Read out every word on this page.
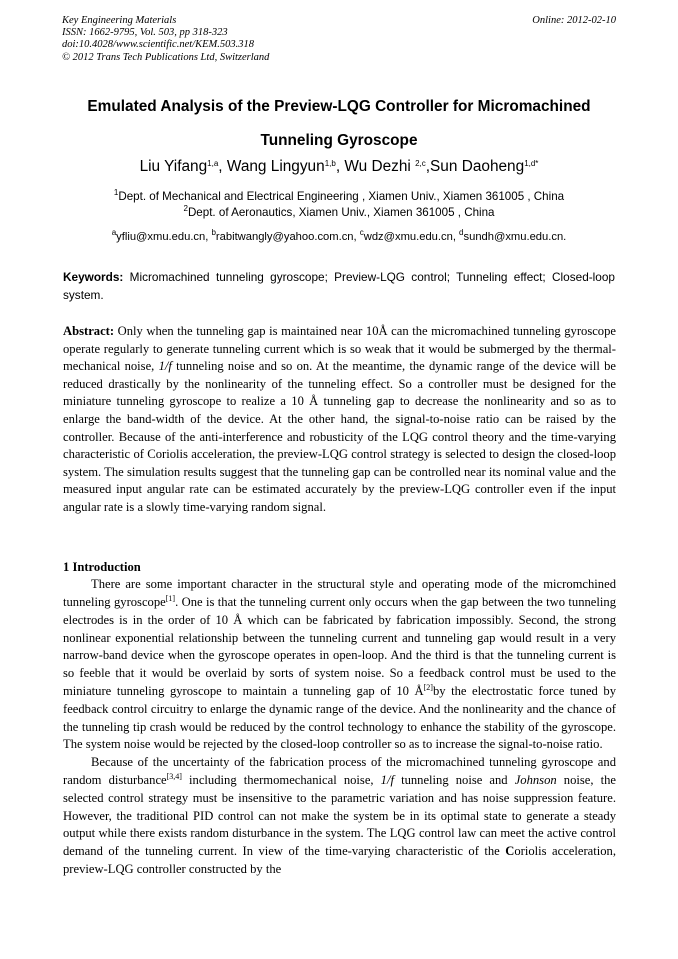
Key Engineering Materials
ISSN: 1662-9795, Vol. 503, pp 318-323
doi:10.4028/www.scientific.net/KEM.503.318
© 2012 Trans Tech Publications Ltd, Switzerland
Online: 2012-02-10
Emulated Analysis of the Preview-LQG Controller for Micromachined
Tunneling Gyroscope
Liu Yifang$^{1,a}$, Wang Lingyun$^{1,b}$, Wu Dezhi $^{2,c}$,Sun Daoheng$^{1,d*}$
$^1$Dept. of Mechanical and Electrical Engineering , Xiamen Univ., Xiamen 361005 , China
$^2$Dept. of Aeronautics, Xiamen Univ., Xiamen 361005 , China
$^a$yfliu@xmu.edu.cn, $^b$rabitwangly@yahoo.com.cn, $^c$wdz@xmu.edu.cn, $^d$sundh@xmu.edu.cn.
Keywords: Micromachined tunneling gyroscope; Preview-LQG control; Tunneling effect; Closed-loop system.
Abstract: Only when the tunneling gap is maintained near 10Å can the micromachined tunneling gyroscope operate regularly to generate tunneling current which is so weak that it would be submerged by the thermal-mechanical noise, 1/f tunneling noise and so on. At the meantime, the dynamic range of the device will be reduced drastically by the nonlinearity of the tunneling effect. So a controller must be designed for the miniature tunneling gyroscope to realize a 10 Å tunneling gap to decrease the nonlinearity and so as to enlarge the band-width of the device. At the other hand, the signal-to-noise ratio can be raised by the controller. Because of the anti-interference and robusticity of the LQG control theory and the time-varying characteristic of Coriolis acceleration, the preview-LQG control strategy is selected to design the closed-loop system. The simulation results suggest that the tunneling gap can be controlled near its nominal value and the measured input angular rate can be estimated accurately by the preview-LQG controller even if the input angular rate is a slowly time-varying random signal.
1 Introduction

There are some important character in the structural style and operating mode of the micromchined tunneling gyroscope[1]. One is that the tunneling current only occurs when the gap between the two tunneling electrodes is in the order of 10 Å which can be fabricated by fabrication impossibly. Second, the strong nonlinear exponential relationship between the tunneling current and tunneling gap would result in a very narrow-band device when the gyroscope operates in open-loop. And the third is that the tunneling current is so feeble that it would be overlaid by sorts of system noise. So a feedback control must be used to the miniature tunneling gyroscope to maintain a tunneling gap of 10 Å[2]by the electrostatic force tuned by feedback control circuitry to enlarge the dynamic range of the device. And the nonlinearity and the chance of the tunneling tip crash would be reduced by the control technology to enhance the stability of the gyroscope. The system noise would be rejected by the closed-loop controller so as to increase the signal-to-noise ratio.

Because of the uncertainty of the fabrication process of the micromachined tunneling gyroscope and random disturbance[3,4] including thermomechanical noise, 1/f tunneling noise and Johnson noise, the selected control strategy must be insensitive to the parametric variation and has noise suppression feature. However, the traditional PID control can not make the system be in its optimal state to generate a steady output while there exists random disturbance in the system. The LQG control law can meet the active control demand of the tunneling current. In view of the time-varying characteristic of the Coriolis acceleration, preview-LQG controller constructed by the
